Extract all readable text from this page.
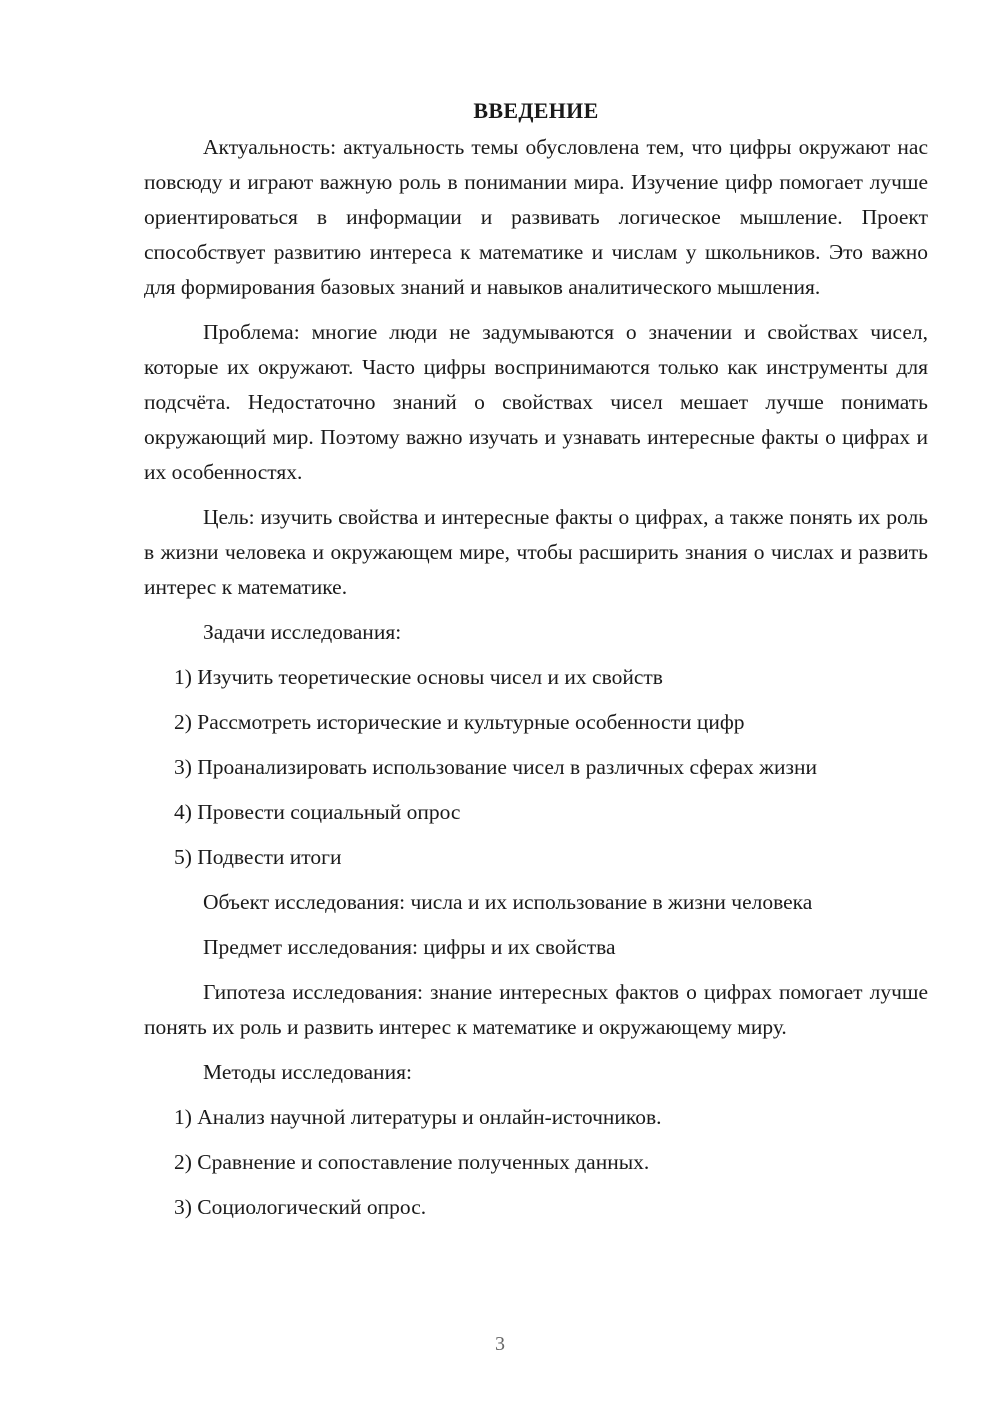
ВВЕДЕНИЕ

Актуальность: актуальность темы обусловлена тем, что цифры окружают нас повсюду и играют важную роль в понимании мира. Изучение цифр помогает лучше ориентироваться в информации и развивать логическое мышление. Проект способствует развитию интереса к математике и числам у школьников. Это важно для формирования базовых знаний и навыков аналитического мышления.

Проблема: многие люди не задумываются о значении и свойствах чисел, которые их окружают. Часто цифры воспринимаются только как инструменты для подсчёта. Недостаточно знаний о свойствах чисел мешает лучше понимать окружающий мир. Поэтому важно изучать и узнавать интересные факты о цифрах и их особенностях.

Цель: изучить свойства и интересные факты о цифрах, а также понять их роль в жизни человека и окружающем мире, чтобы расширить знания о числах и развить интерес к математике.

Задачи исследования:
1) Изучить теоретические основы чисел и их свойств
2) Рассмотреть исторические и культурные особенности цифр
3) Проанализировать использование чисел в различных сферах жизни
4) Провести социальный опрос
5) Подвести итоги
Объект исследования: числа и их использование в жизни человека
Предмет исследования: цифры и их свойства

Гипотеза исследования: знание интересных фактов о цифрах помогает лучше понять их роль и развить интерес к математике и окружающему миру.

Методы исследования:
1) Анализ научной литературы и онлайн-источников.
2) Сравнение и сопоставление полученных данных.
3) Социологический опрос.
3
